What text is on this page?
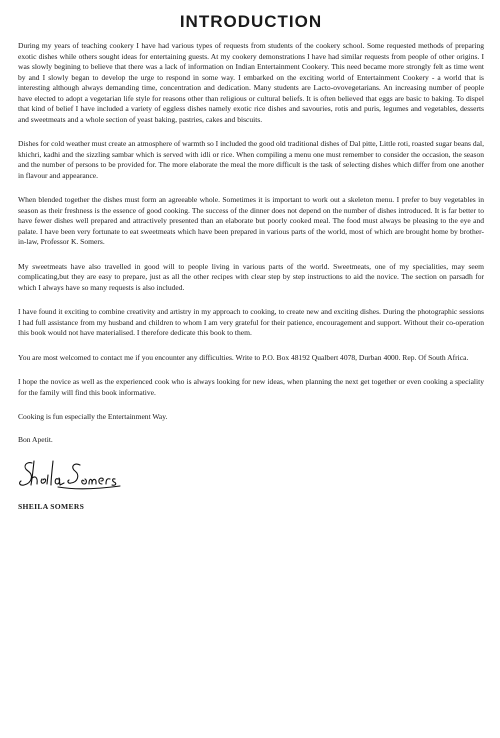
INTRODUCTION

During my years of teaching cookery I have had various types of requests from students of the cookery school. Some requested methods of preparing exotic dishes while others sought ideas for entertaining guests. At my cookery demonstrations I have had similar requests from people of other origins. I was slowly begining to believe that there was a lack of information on Indian Entertainment Cookery. This need became more strongly felt as time went by and I slowly began to develop the urge to respond in some way. I embarked on the exciting world of Entertainment Cookery - a world that is interesting although always demanding time, concentration and dedication. Many students are Lacto-ovovegetarians. An increasing number of people have elected to adopt a vegetarian life style for reasons other than religious or cultural beliefs. It is often believed that eggs are basic to baking. To dispel that kind of belief I have included a variety of eggless dishes namely exotic rice dishes and savouries, rotis and puris, legumes and vegetables, desserts and sweetmeats and a whole section of yeast baking, pastries, cakes and biscuits.

Dishes for cold weather must create an atmosphere of warmth so I included the good old traditional dishes of Dal pitte, Little roti, roasted sugar beans dal, khichri, kadhi and the sizzling sambar which is served with idli or rice. When compiling a menu one must remember to consider the occasion, the season and the number of persons to be provided for. The more elaborate the meal the more difficult is the task of selecting dishes which differ from one another in flavour and appearance.

When blended together the dishes must form an agreeable whole. Sometimes it is important to work out a skeleton menu. I prefer to buy vegetables in season as their freshness is the essence of good cooking. The success of the dinner does not depend on the number of dishes introduced. It is far better to have fewer dishes well prepared and attractively presented than an elaborate but poorly cooked meal. The food must always be pleasing to the eye and palate. I have been very fortunate to eat sweetmeats which have been prepared in various parts of the world, most of which are brought home by brother-in-law, Professor K. Somers.

My sweetmeats have also travelled in good will to people living in various parts of the world. Sweetmeats, one of my specialities, may seem complicating,but they are easy to prepare, just as all the other recipes with clear step by step instructions to aid the novice. The section on parsadh for which I always have so many requests is also included.

I have found it exciting to combine creativity and artistry in my approach to cooking, to create new and exciting dishes. During the photographic sessions I had full assistance from my husband and children to whom I am very grateful for their patience, encouragement and support. Without their co-operation this book would not have materialised. I therefore dedicate this book to them.

You are most welcomed to contact me if you encounter any difficulties. Write to P.O. Box 48192 Qualbert 4078, Durban 4000. Rep. Of South Africa.

I hope the novice as well as the experienced cook who is always looking for new ideas, when planning the next get together or even cooking a speciality for the family will find this book informative.

Cooking is fun especially the Entertainment Way.

Bon Apetit.

SHEILA SOMERS
